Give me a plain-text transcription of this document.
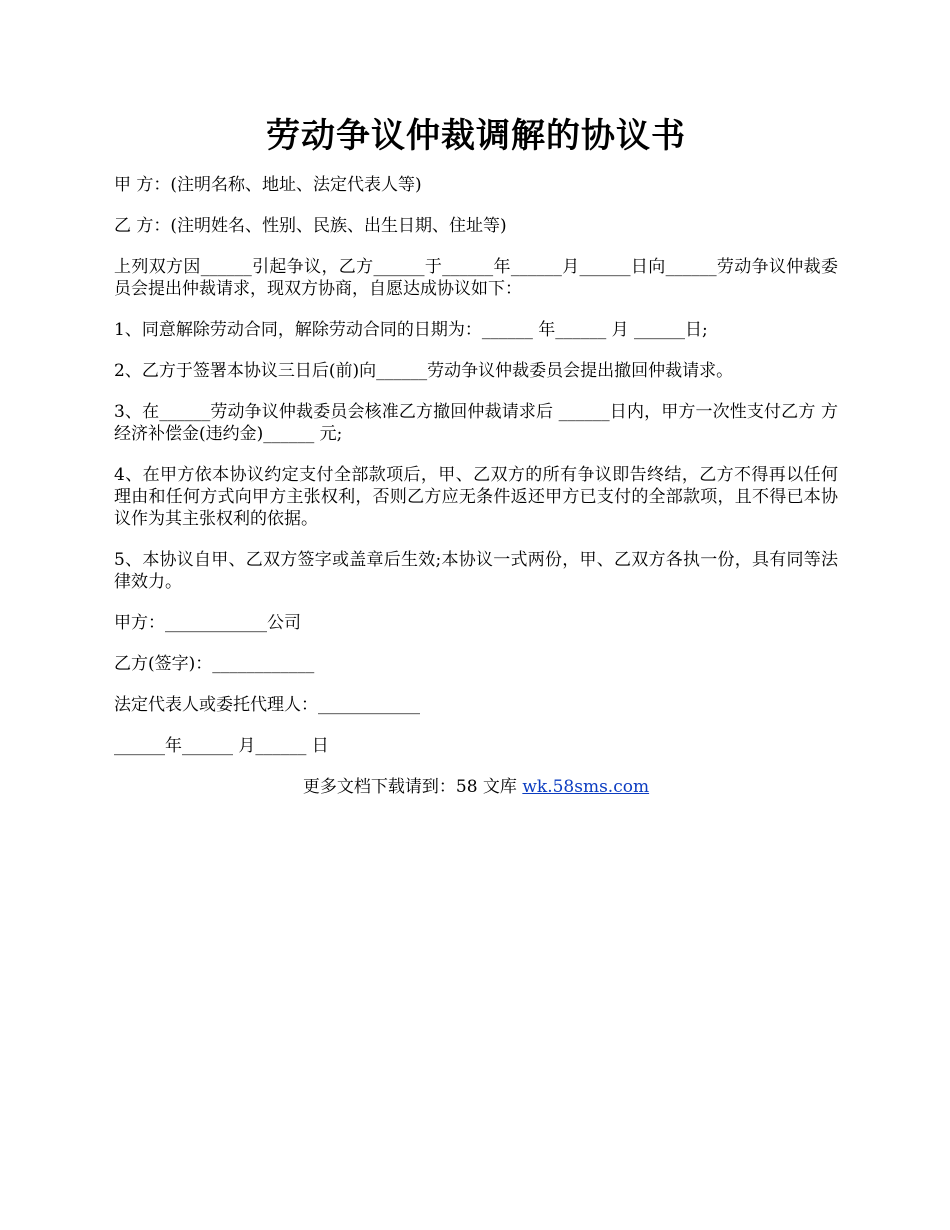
劳动争议仲裁调解的协议书

甲 方：(注明名称、地址、法定代表人等)

乙 方：(注明姓名、性别、民族、出生日期、住址等)

上列双方因______引起争议，乙方______于______年______月______日向______劳动争议仲裁委员会提出仲裁请求，现双方协商，自愿达成协议如下：

1、同意解除劳动合同，解除劳动合同的日期为：______ 年______ 月 ______日;

2、乙方于签署本协议三日后(前)向______劳动争议仲裁委员会提出撤回仲裁请求。

3、在______劳动争议仲裁委员会核准乙方撤回仲裁请求后 ______日内，甲方一次性支付乙方 方经济补偿金(违约金)______ 元;

4、在甲方依本协议约定支付全部款项后，甲、乙双方的所有争议即告终结，乙方不得再以任何理由和任何方式向甲方主张权利，否则乙方应无条件返还甲方已支付的全部款项，且不得已本协议作为其主张权利的依据。

5、本协议自甲、乙双方签字或盖章后生效;本协议一式两份，甲、乙双方各执一份，具有同等法律效力。

甲方：____________公司

乙方(签字)：____________

法定代表人或委托代理人：____________

______年______ 月______ 日

更多文档下载请到：58 文库 wk.58sms.com
